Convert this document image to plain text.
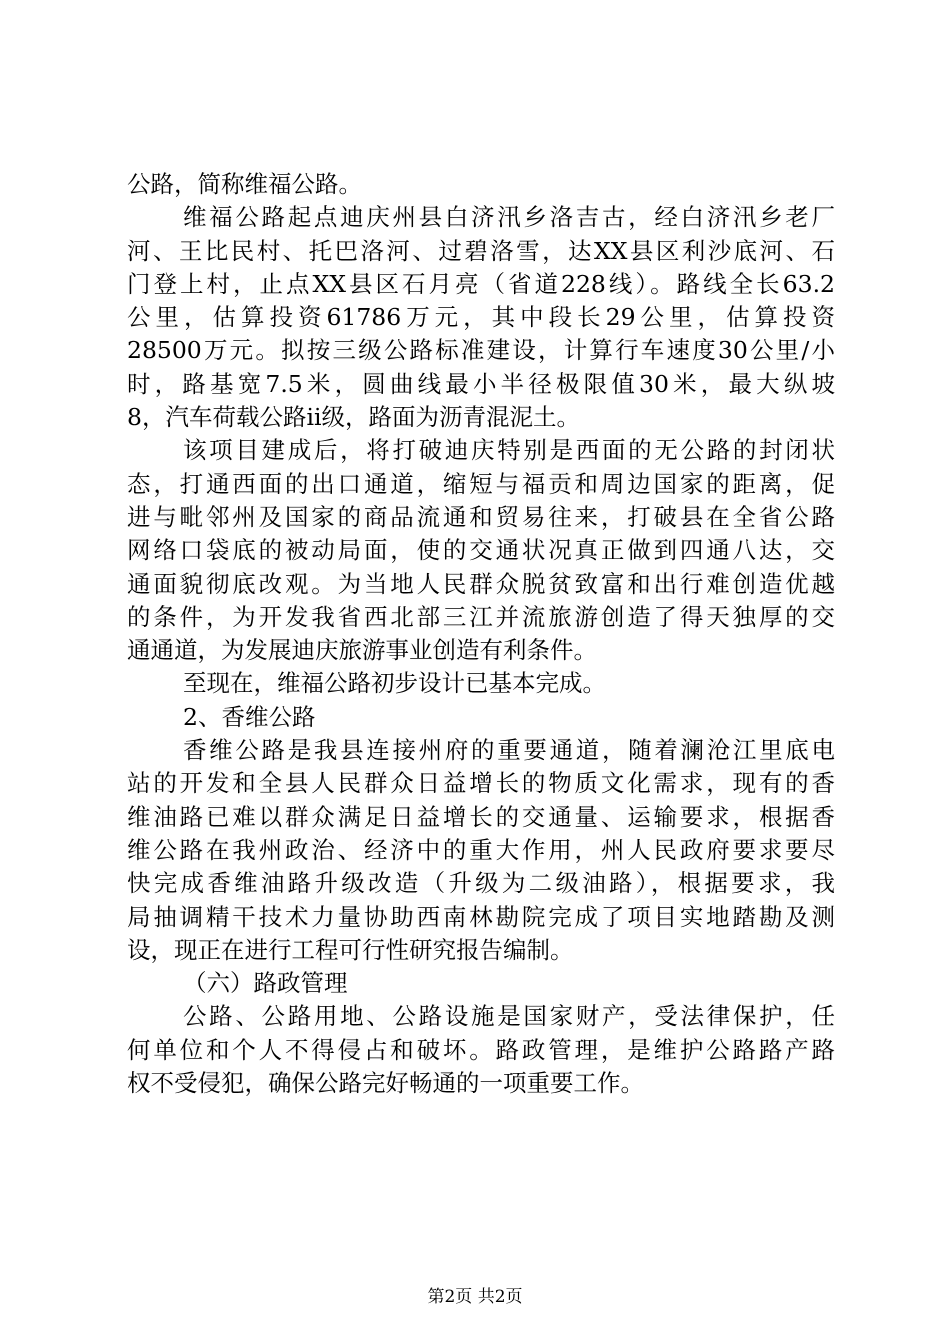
公路，简称维福公路。
维福公路起点迪庆州县白济汛乡洛吉古，经白济汛乡老厂
河、王比民村、托巴洛河、过碧洛雪，达XX县区利沙底河、石
门登上村，止点XX县区石月亮（省道228线）。路线全长63.2
公里，估算投资61786万元，其中段长29公里，估算投资
28500万元。拟按三级公路标准建设，计算行车速度30公里/小
时，路基宽7.5米，圆曲线最小半径极限值30米，最大纵坡
8，汽车荷载公路ii级，路面为沥青混泥土。
该项目建成后，将打破迪庆特别是西面的无公路的封闭状
态，打通西面的出口通道，缩短与福贡和周边国家的距离，促
进与毗邻州及国家的商品流通和贸易往来，打破县在全省公路
网络口袋底的被动局面，使的交通状况真正做到四通八达，交
通面貌彻底改观。为当地人民群众脱贫致富和出行难创造优越
的条件，为开发我省西北部三江并流旅游创造了得天独厚的交
通通道，为发展迪庆旅游事业创造有利条件。
至现在，维福公路初步设计已基本完成。
2、香维公路
香维公路是我县连接州府的重要通道，随着澜沧江里底电
站的开发和全县人民群众日益增长的物质文化需求，现有的香
维油路已难以群众满足日益增长的交通量、运输要求，根据香
维公路在我州政治、经济中的重大作用，州人民政府要求要尽
快完成香维油路升级改造（升级为二级油路），根据要求，我
局抽调精干技术力量协助西南林勘院完成了项目实地踏勘及测
设，现正在进行工程可行性研究报告编制。
（六）路政管理
公路、公路用地、公路设施是国家财产，受法律保护，任
何单位和个人不得侵占和破坏。路政管理，是维护公路路产路
权不受侵犯，确保公路完好畅通的一项重要工作。
第2页 共2页
